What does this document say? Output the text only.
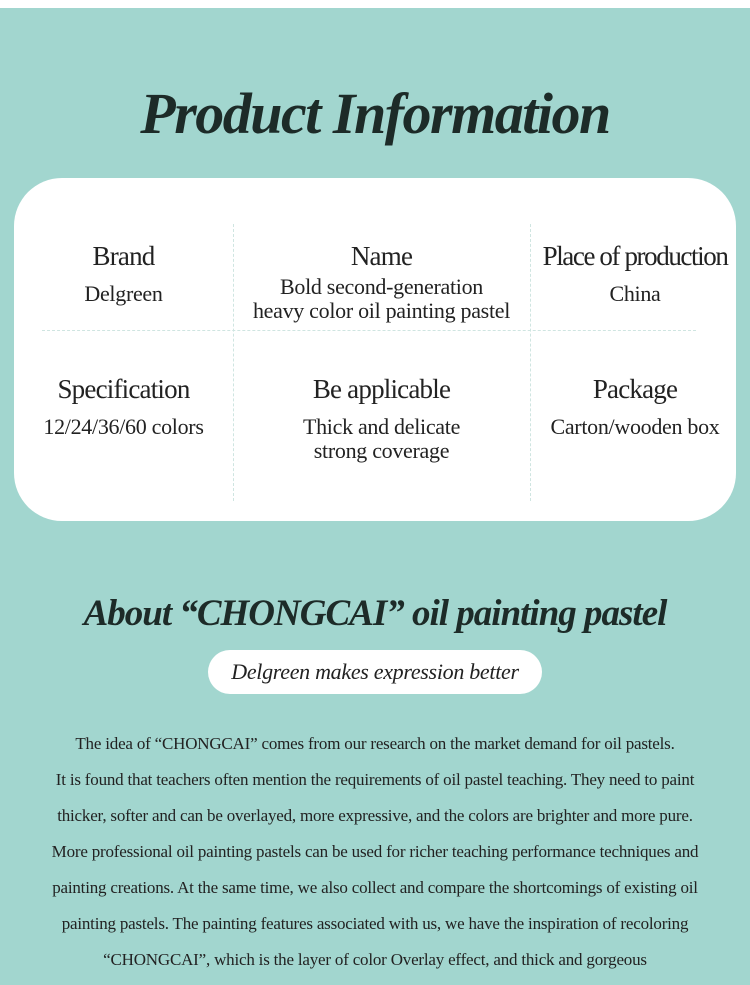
Product Information
Brand
Delgreen
Name
Bold second-generation
heavy color oil painting pastel
Place of production
China
Specification
12/24/36/60 colors
Be applicable
Thick and delicate
strong coverage
Package
Carton/wooden box
About “CHONGCAI” oil painting pastel
Delgreen makes expression better
The idea of “CHONGCAI” comes from our research on the market demand for oil pastels.
It is found that teachers often mention the requirements of oil pastel teaching. They need to paint
thicker, softer and can be overlayed, more expressive, and the colors are brighter and more pure.
More professional oil painting pastels can be used for richer teaching performance techniques and
painting creations. At the same time, we also collect and compare the shortcomings of existing oil
painting pastels. The painting features associated with us, we have the inspiration of recoloring
“CHONGCAI”, which is the layer of color Overlay effect, and thick and gorgeous
